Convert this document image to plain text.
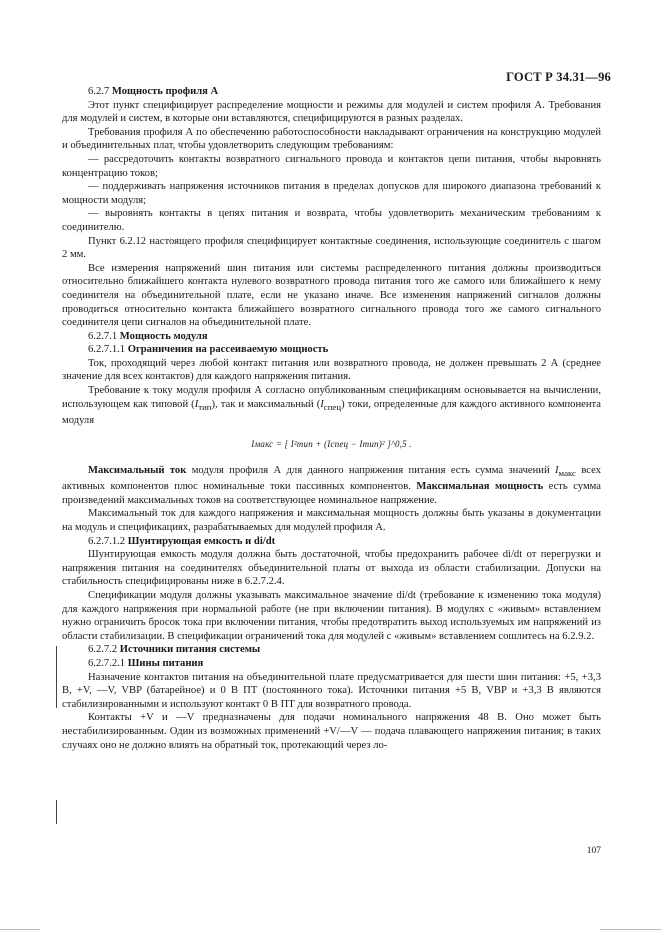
ГОСТ Р 34.31—96

6.2.7 Мощность профиля А

Этот пункт специфицирует распределение мощности и режимы для модулей и систем профиля А. Требования для модулей и систем, в которые они вставляются, специфицируются в разных разделах.

Требования профиля А по обеспечению работоспособности накладывают ограничения на конструкцию модулей и объединительных плат, чтобы удовлетворить следующим требованиям:

— рассредоточить контакты возвратного сигнального провода и контактов цепи питания, чтобы выровнять концентрацию токов;

— поддерживать напряжения источников питания в пределах допусков для широкого диапазона требований к мощности модуля;

— выровнять контакты в цепях питания и возврата, чтобы удовлетворить механическим требованиям к соединителю.

Пункт 6.2.12 настоящего профиля специфицирует контактные соединения, использующие соединитель с шагом 2 мм.

Все измерения напряжений шин питания или системы распределенного питания должны производиться относительно ближайшего контакта нулевого возвратного провода питания того же самого или ближайшего к нему соединителя на объединительной плате, если не указано иначе. Все изменения напряжений сигналов должны проводиться относительно контакта ближайшего возвратного сигнального провода того же самого сигнального соединителя цепи сигналов на объединительной плате.

6.2.7.1 Мощность модуля

6.2.7.1.1 Ограничения на рассеиваемую мощность

Ток, проходящий через любой контакт питания или возвратного провода, не должен превышать 2 А (среднее значение для всех контактов) для каждого напряжения питания.

Требование к току модуля профиля А согласно опубликованным спецификациям основывается на вычислении, использующем как типовой $(I_{тип})$, так и максимальный $(I_{спец})$ токи, определенные для каждого активного компонента модуля

Iмакс = [ I²тип + (Iспец − Iтип)² ]^0,5 .

Максимальный ток модуля профиля А для данного напряжения питания есть сумма значений $I_{макс}$ всех активных компонентов плюс номинальные токи пассивных компонентов. Максимальная мощность есть сумма произведений максимальных токов на соответствующее номинальное напряжение.

Максимальный ток для каждого напряжения и максимальная мощность должны быть указаны в документации на модуль и спецификациях, разрабатываемых для модулей профиля А.

6.2.7.1.2 Шунтирующая емкость и di/dt

Шунтирующая емкость модуля должна быть достаточной, чтобы предохранить рабочее di/dt от перегрузки и напряжения питания на соединителях объединительной платы от выхода из области стабилизации. Допуски на стабильность специфицированы ниже в 6.2.7.2.4.

Спецификации модуля должны указывать максимальное значение di/dt (требование к изменению тока модуля) для каждого напряжения при нормальной работе (не при включении питания). В модулях с «живым» вставлением нужно ограничить бросок тока при включении питания, чтобы предотвратить выход используемых им напряжений из области стабилизации. В спецификации ограничений тока для модулей с «живым» вставлением сошлитесь на 6.2.9.2.

6.2.7.2 Источники питания системы

6.2.7.2.1 Шины питания

Назначение контактов питания на объединительной плате предусматривается для шести шин питания: +5, +3,3 В, +V, —V, VBP (батарейное) и 0 В ПТ (постоянного тока). Источники питания +5 В, VBP и +3,3 В являются стабилизированными и используют контакт 0 В ПТ для возвратного провода.

Контакты +V и —V предназначены для подачи номинального напряжения 48 В. Оно может быть нестабилизированным. Один из возможных применений +V/—V — подача плавающего напряжения питания; в таких случаях оно не должно влиять на обратный ток, протекающий через ло-

107
